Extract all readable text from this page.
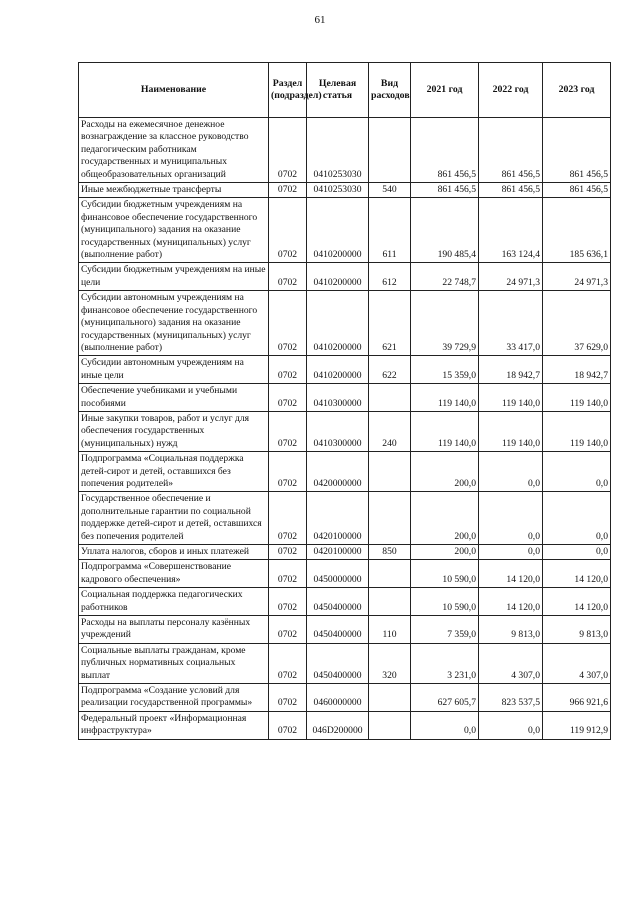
61
Наименование	Раздел (подраздел)	Целевая статья	Вид расходов	2021 год	2022 год	2023 год

Расходы на ежемесячное денежное вознаграждение за классное руководство педагогическим работникам государственных и муниципальных общеобразовательных организаций	0702	0410253030		861 456,5	861 456,5	861 456,5

Иные межбюджетные трансферты	0702	0410253030	540	861 456,5	861 456,5	861 456,5

Субсидии бюджетным учреждениям на финансовое обеспечение государственного (муниципального) задания на оказание государственных (муниципальных) услуг (выполнение работ)	0702	0410200000	611	190 485,4	163 124,4	185 636,1

Субсидии бюджетным учреждениям на иные цели	0702	0410200000	612	22 748,7	24 971,3	24 971,3

Субсидии автономным учреждениям на финансовое обеспечение государственного (муниципального) задания на оказание государственных (муниципальных) услуг (выполнение работ)	0702	0410200000	621	39 729,9	33 417,0	37 629,0

Субсидии автономным учреждениям на иные цели	0702	0410200000	622	15 359,0	18 942,7	18 942,7

Обеспечение учебниками и учебными пособиями	0702	0410300000		119 140,0	119 140,0	119 140,0

Иные закупки товаров, работ и услуг для обеспечения государственных (муниципальных) нужд	0702	0410300000	240	119 140,0	119 140,0	119 140,0

Подпрограмма «Социальная поддержка детей-сирот и детей, оставшихся без попечения родителей»	0702	0420000000		200,0	0,0	0,0

Государственное обеспечение и дополнительные гарантии по социальной поддержке детей-сирот и детей, оставшихся без попечения родителей	0702	0420100000		200,0	0,0	0,0

Уплата налогов, сборов и иных платежей	0702	0420100000	850	200,0	0,0	0,0

Подпрограмма «Совершенствование кадрового обеспечения»	0702	0450000000		10 590,0	14 120,0	14 120,0

Социальная поддержка педагогических работников	0702	0450400000		10 590,0	14 120,0	14 120,0

Расходы на выплаты персоналу казённых учреждений	0702	0450400000	110	7 359,0	9 813,0	9 813,0

Социальные выплаты гражданам, кроме публичных нормативных социальных выплат	0702	0450400000	320	3 231,0	4 307,0	4 307,0

Подпрограмма «Создание условий для реализации государственной программы»	0702	0460000000		627 605,7	823 537,5	966 921,6

Федеральный проект «Информационная инфраструктура»	0702	046D200000		0,0	0,0	119 912,9
